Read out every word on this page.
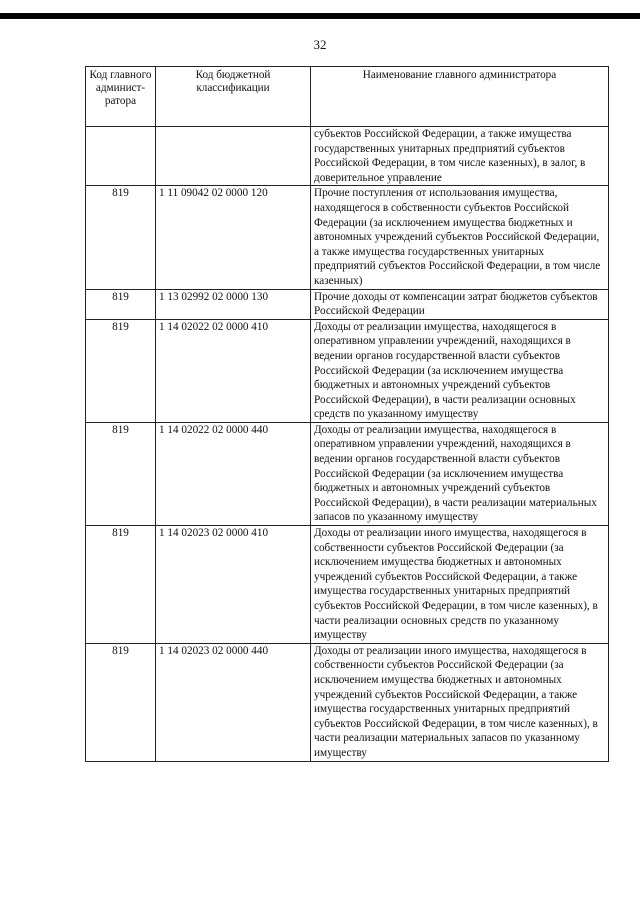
32
Код главного админист-ратора	Код бюджетной классификации	Наименование главного администратора
		субъектов Российской Федерации, а также имущества государственных унитарных предприятий субъектов Российской Федерации, в том числе казенных), в залог, в доверительное управление
819	1 11 09042 02 0000 120	Прочие поступления от использования имущества, находящегося в собственности субъектов Российской Федерации (за исключением имущества бюджетных и автономных учреждений субъектов Российской Федерации, а также имущества государственных унитарных предприятий субъектов Российской Федерации, в том числе казенных)
819	1 13 02992 02 0000 130	Прочие доходы от компенсации затрат бюджетов субъектов Российской Федерации
819	1 14 02022 02 0000 410	Доходы от реализации имущества, находящегося в оперативном управлении учреждений, находящихся в ведении органов государственной власти субъектов Российской Федерации (за исключением имущества бюджетных и автономных учреждений субъектов Российской Федерации), в части реализации основных средств по указанному имуществу
819	1 14 02022 02 0000 440	Доходы от реализации имущества, находящегося в оперативном управлении учреждений, находящихся в ведении органов государственной власти субъектов Российской Федерации (за исключением имущества бюджетных и автономных учреждений субъектов Российской Федерации), в части реализации материальных запасов по указанному имуществу
819	1 14 02023 02 0000 410	Доходы от реализации иного имущества, находящегося в собственности субъектов Российской Федерации (за исключением имущества бюджетных и автономных учреждений субъектов Российской Федерации, а также имущества государственных унитарных предприятий субъектов Российской Федерации, в том числе казенных), в части реализации основных средств по указанному имуществу
819	1 14 02023 02 0000 440	Доходы от реализации иного имущества, находящегося в собственности субъектов Российской Федерации (за исключением имущества бюджетных и автономных учреждений субъектов Российской Федерации, а также имущества государственных унитарных предприятий субъектов Российской Федерации, в том числе казенных), в части реализации материальных запасов по указанному имуществу
